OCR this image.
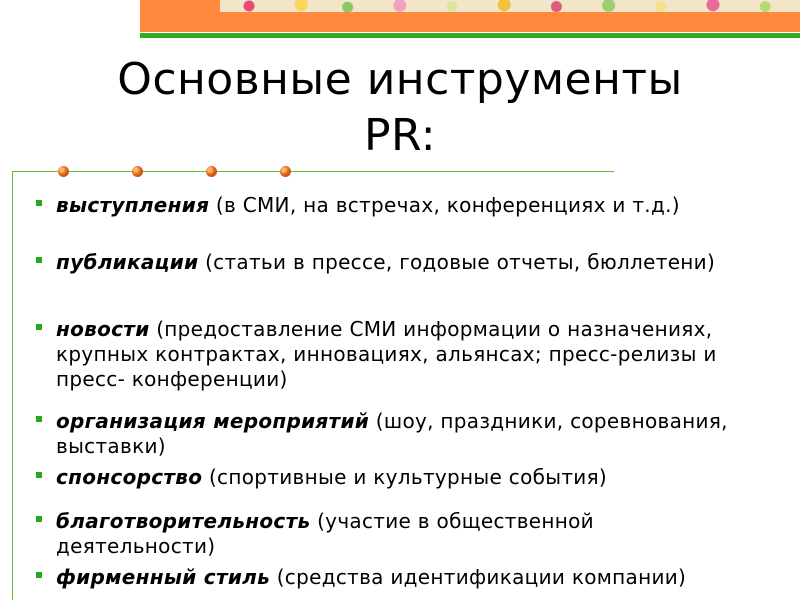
Основные инструменты
PR:
выступления (в СМИ, на встречах, конференциях и т.д.)
публикации (статьи в прессе, годовые отчеты, бюллетени)
новости (предоставление СМИ информации о назначениях, крупных контрактах, инновациях, альянсах; пресс-релизы и пресс- конференции)
организация мероприятий (шоу, праздники, соревнования, выставки)
спонсорство (спортивные и культурные события)
благотворительность (участие в общественной деятельности)
фирменный стиль (средства идентификации компании)
